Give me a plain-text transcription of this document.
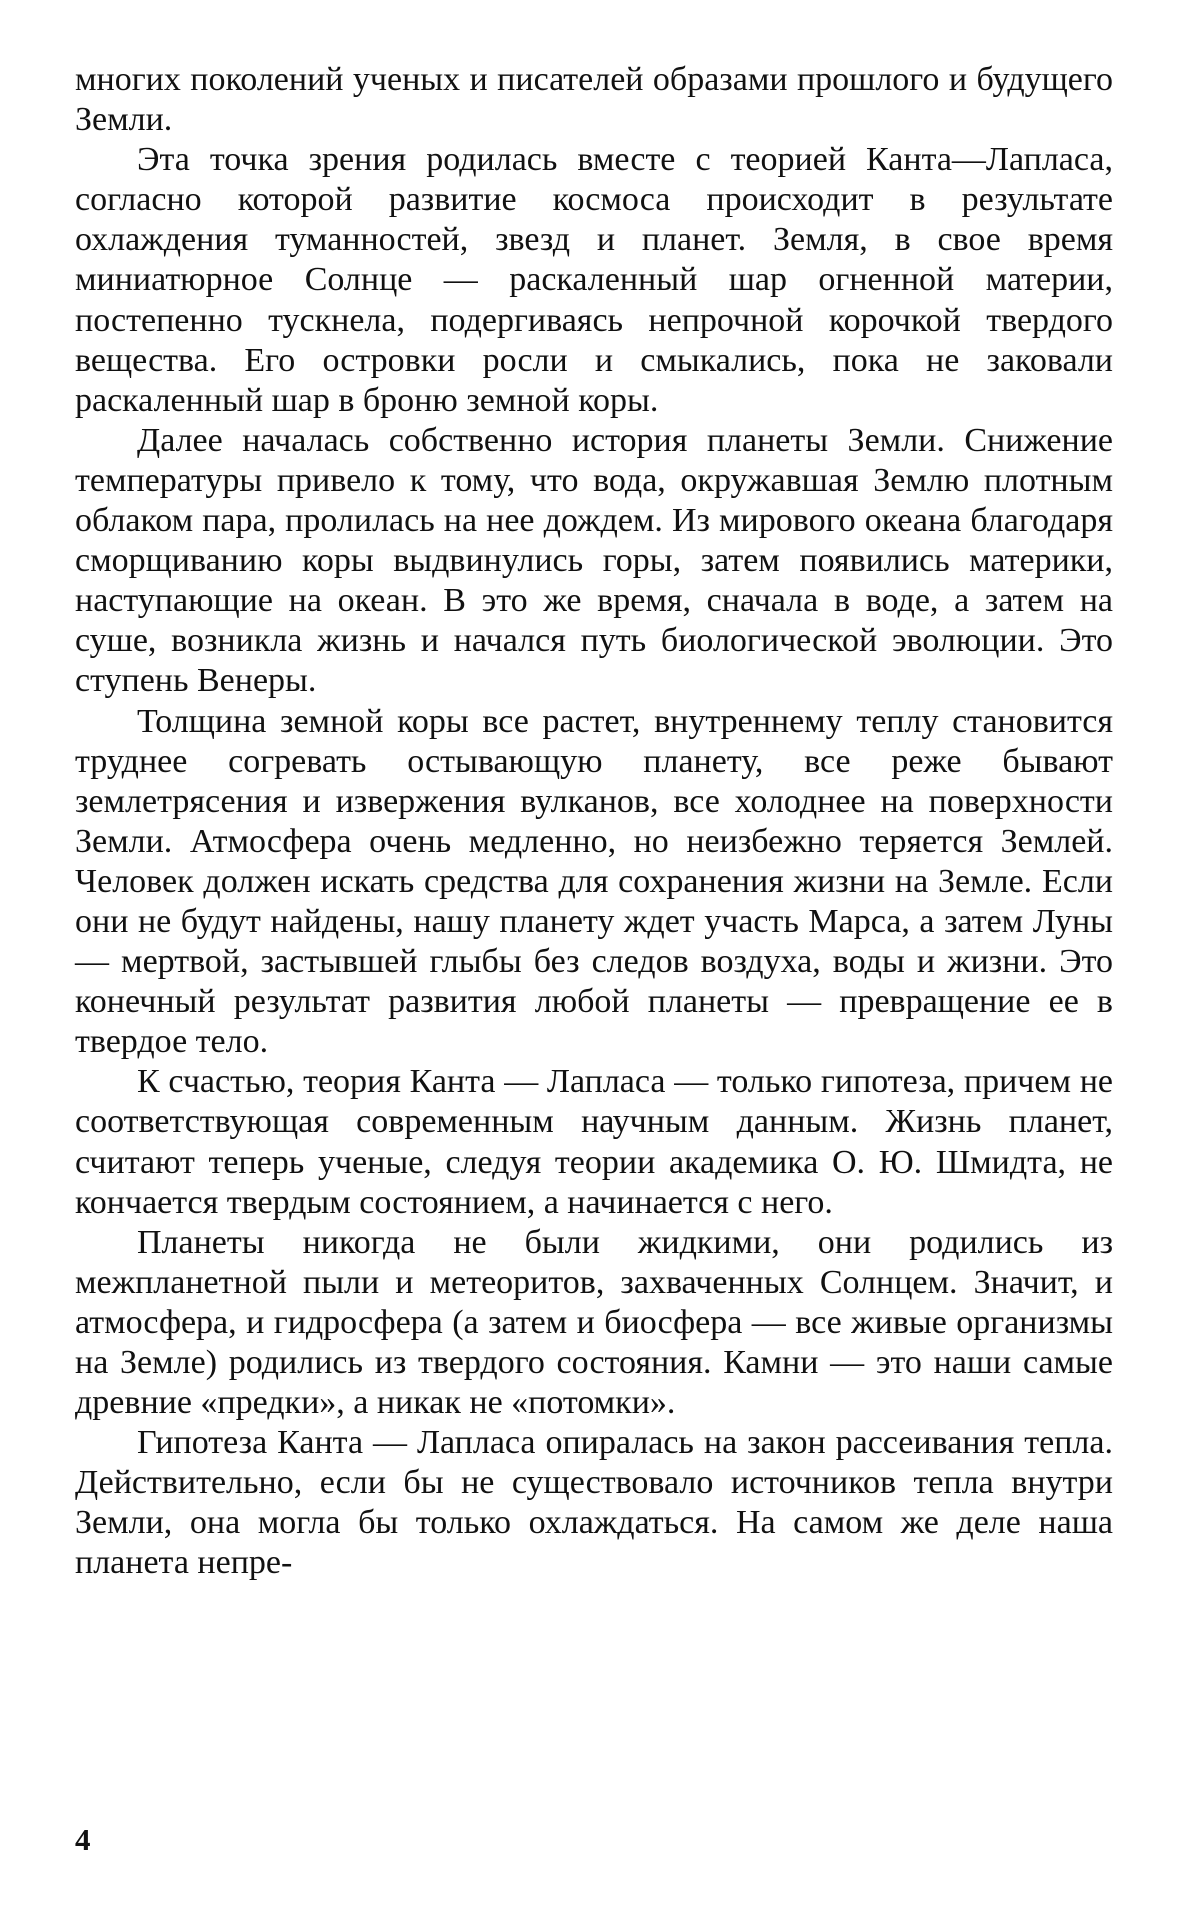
многих поколений ученых и писателей образами прошлого и будущего Земли.

Эта точка зрения родилась вместе с теорией Канта—Лапласа, согласно которой развитие космоса происходит в результате охлаждения туманностей, звезд и планет. Земля, в свое время миниатюрное Солнце — раскаленный шар огненной материи, постепенно тускнела, подергиваясь непрочной корочкой твердого вещества. Его островки росли и смыкались, пока не заковали раскаленный шар в броню земной коры.

Далее началась собственно история планеты Земли. Снижение температуры привело к тому, что вода, окружавшая Землю плотным облаком пара, пролилась на нее дождем. Из мирового океана благодаря сморщиванию коры выдвинулись горы, затем появились материки, наступающие на океан. В это же время, сначала в воде, а затем на суше, возникла жизнь и начался путь биологической эволюции. Это ступень Венеры.

Толщина земной коры все растет, внутреннему теплу становится труднее согревать остывающую планету, все реже бывают землетрясения и извержения вулканов, все холоднее на поверхности Земли. Атмосфера очень медленно, но неизбежно теряется Землей. Человек должен искать средства для сохранения жизни на Земле. Если они не будут найдены, нашу планету ждет участь Марса, а затем Луны — мертвой, застывшей глыбы без следов воздуха, воды и жизни. Это конечный результат развития любой планеты — превращение ее в твердое тело.

К счастью, теория Канта — Лапласа — только гипотеза, причем не соответствующая современным научным данным. Жизнь планет, считают теперь ученые, следуя теории академика О. Ю. Шмидта, не кончается твердым состоянием, а начинается с него.

Планеты никогда не были жидкими, они родились из межпланетной пыли и метеоритов, захваченных Солнцем. Значит, и атмосфера, и гидросфера (а затем и биосфера — все живые организмы на Земле) родились из твердого состояния. Камни — это наши самые древние «предки», а никак не «потомки».

Гипотеза Канта — Лапласа опиралась на закон рассеивания тепла. Действительно, если бы не существовало источников тепла внутри Земли, она могла бы только охлаждаться. На самом же деле наша планета непре-

4
